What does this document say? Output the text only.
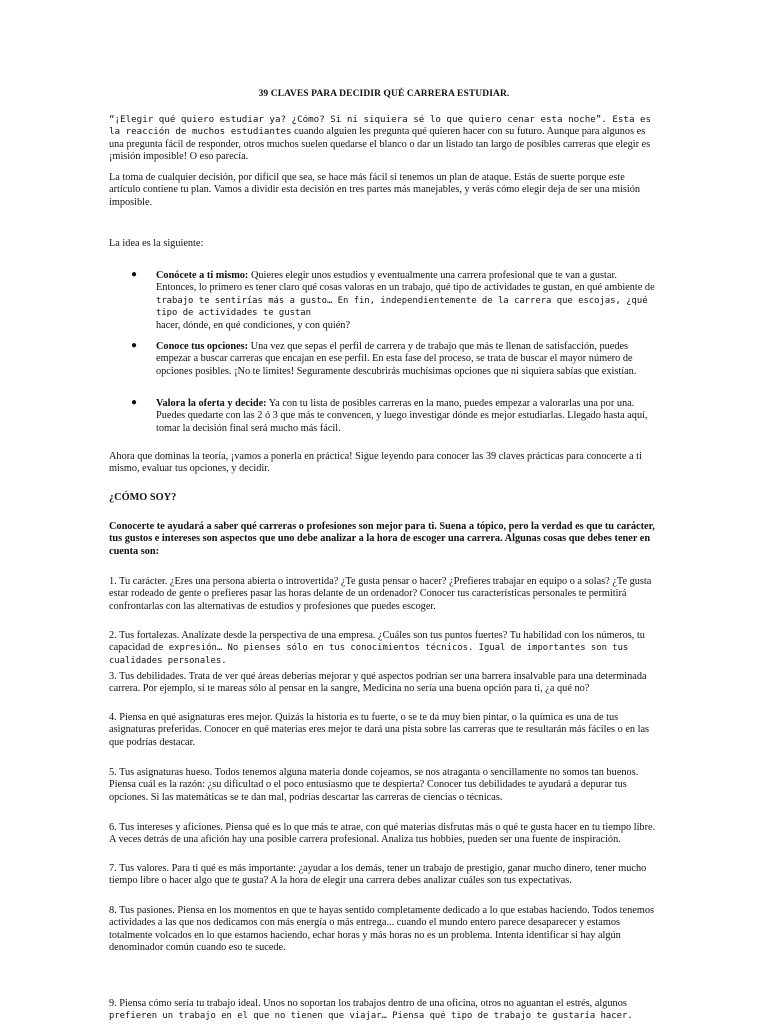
39 CLAVES PARA DECIDIR QUÉ CARRERA ESTUDIAR.

“¡Elegir qué quiero estudiar ya? ¿Cómo? Si ni siquiera sé lo que quiero cenar esta noche”. Esta es la reacción de muchos estudiantes cuando alguien les pregunta qué quieren hacer con su futuro. Aunque para algunos es una pregunta fácil de responder, otros muchos suelen quedarse el blanco o dar un listado tan largo de posibles carreras que elegir es ¡misión imposible! O eso parecía.

La toma de cualquier decisión, por difícil que sea, se hace más fácil si tenemos un plan de ataque. Estás de suerte porque este artículo contiene tu plan. Vamos a dividir esta decisión en tres partes más manejables, y verás cómo elegir deja de ser una misión imposible.

La idea es la siguiente:

● Conócete a ti mismo: Quieres elegir unos estudios y eventualmente una carrera profesional que te van a gustar. Entonces, lo primero es tener claro qué cosas valoras en un trabajo, qué tipo de actividades te gustan, en qué ambiente de
trabajo te sentirías más a gusto… En fin, independientemente de la carrera que escojas, ¿qué tipo de actividades te gustan
hacer, dónde, en qué condiciones, y con quién?

● Conoce tus opciones: Una vez que sepas el perfil de carrera y de trabajo que más te llenan de satisfacción, puedes empezar a buscar carreras que encajan en ese perfil. En esta fase del proceso, se trata de buscar el mayor número de opciones posibles. ¡No te limites! Seguramente descubrirás muchísimas opciones que ni siquiera sabías que existían.

● Valora la oferta y decide: Ya con tu lista de posibles carreras en la mano, puedes empezar a valorarlas una por una. Puedes quedarte con las 2 ó 3 que más te convencen, y luego investigar dónde es mejor estudiarlas. Llegado hasta aquí, tomar la decisión final será mucho más fácil.

Ahora que dominas la teoría, ¡vamos a ponerla en práctica! Sigue leyendo para conocer las 39 claves prácticas para conocerte a ti mismo, evaluar tus opciones, y decidir.

¿CÓMO SOY?

Conocerte te ayudará a saber qué carreras o profesiones son mejor para ti. Suena a tópico, pero la verdad es que tu carácter, tus gustos e intereses son aspectos que uno debe analizar a la hora de escoger una carrera. Algunas cosas que debes tener en cuenta son:

1. Tu carácter. ¿Eres una persona abierta o introvertida? ¿Te gusta pensar o hacer? ¿Prefieres trabajar en equipo o a solas? ¿Te gusta estar rodeado de gente o prefieres pasar las horas delante de un ordenador? Conocer tus características personales te permitirá confrontarlas con las alternativas de estudios y profesiones que puedes escoger.

2. Tus fortalezas. Analízate desde la perspectiva de una empresa. ¿Cuáles son tus puntos fuertes? Tu habilidad con los números, tu capacidad de expresión… No pienses sólo en tus conocimientos técnicos. Igual de importantes son tus cualidades personales.

3. Tus debilidades. Trata de ver qué áreas deberías mejorar y qué aspectos podrían ser una barrera insalvable para una determinada carrera. Por ejemplo, si te mareas sólo al pensar en la sangre, Medicina no sería una buena opción para ti, ¿a qué no?

4. Piensa en qué asignaturas eres mejor. Quizás la historia es tu fuerte, o se te da muy bien pintar, o la química es una de tus asignaturas preferidas. Conocer en qué materias eres mejor te dará una pista sobre las carreras que te resultarán más fáciles o en las que podrías destacar.

5. Tus asignaturas hueso. Todos tenemos alguna materia donde cojeamos, se nos atraganta o sencillamente no somos tan buenos. Piensa cuál es la razón: ¿su dificultad o el poco entusiasmo que te despierta? Conocer tus debilidades te ayudará a depurar tus opciones. Si las matemáticas se te dan mal, podrías descartar las carreras de ciencias o técnicas.

6. Tus intereses y aficiones. Piensa qué es lo que más te atrae, con qué materias disfrutas más o qué te gusta hacer en tu tiempo libre. A veces detrás de una afición hay una posible carrera profesional. Analiza tus hobbies, pueden ser una fuente de inspiración.

7. Tus valores. Para ti qué es más importante: ¿ayudar a los demás, tener un trabajo de prestigio, ganar mucho dinero, tener mucho tiempo libre o hacer algo que te gusta? A la hora de elegir una carrera debes analizar cuáles son tus expectativas.

8. Tus pasiones. Piensa en los momentos en que te hayas sentido completamente dedicado a lo que estabas haciendo. Todos tenemos actividades a las que nos dedicamos con más energía o más entrega... cuando el mundo entero parece desaparecer y estamos totalmente volcados en lo que estamos haciendo, echar horas y más horas no es un problema. Intenta identificar si hay algún denominador común cuando eso te sucede.

9. Piensa cómo sería tu trabajo ideal. Unos no soportan los trabajos dentro de una oficina, otros no aguantan el estrés, algunos
prefieren un trabajo en el que no tienen que viajar… Piensa qué tipo de trabajo te gustaría hacer.
